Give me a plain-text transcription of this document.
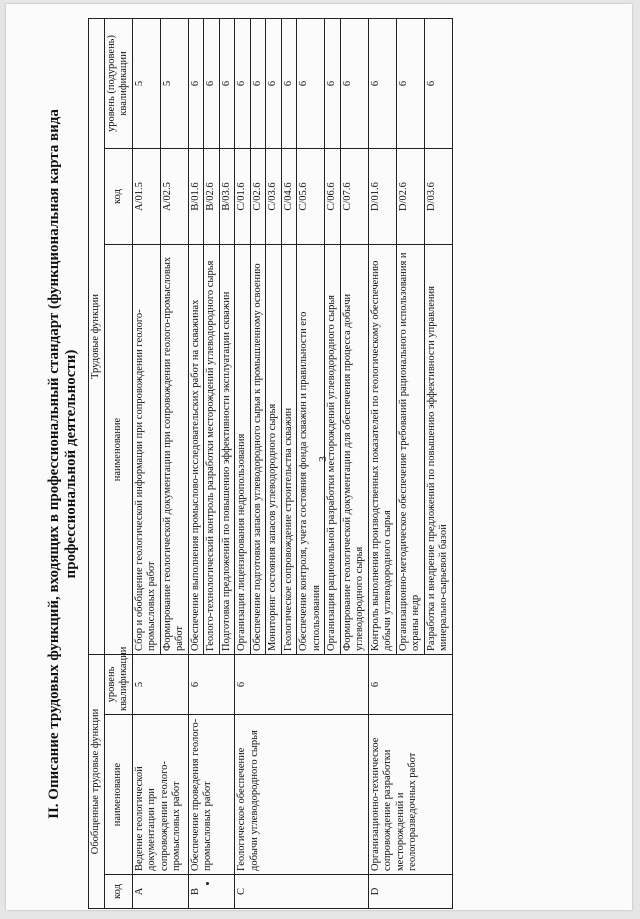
3
II. Описание трудовых функций, входящих в профессиональный стандарт (функциональная карта вида профессиональной деятельности)
Обобщенные трудовые функции			Трудовые функции		
код	наименование	уровень квалификации	наименование	код	уровень (подуровень) квалификации
A	Ведение геологической документации при сопровождении геолого-промысловых работ	5	Сбор и обобщение геологической информации при сопровождении геолого-промысловых работ	A/01.5	5
			Формирование геологической документации при сопровождении геолого-промысловых работ	A/02.5	5
B	Обеспечение проведения геолого-промысловых работ	6	Обеспечение выполнения промыслово-исследовательских работ на скважинах	B/01.6	6
			Геолого-технологический контроль разработки месторождений углеводородного сырья	B/02.6	6
			Подготовка предложений по повышению эффективности эксплуатации скважин	B/03.6	6
C	Геологическое обеспечение добычи углеводородного сырья	6	Организация лицензирования недропользования	C/01.6	6
			Обеспечение подготовки запасов углеводородного сырья к промышленному освоению	C/02.6	6
			Мониторинг состояния запасов углеводородного сырья	C/03.6	6
			Геологическое сопровождение строительства скважин	C/04.6	6
			Обеспечение контроля, учета состояния фонда скважин и правильности его использования	C/05.6	6
			Организация рациональной разработки месторождений углеводородного сырья	C/06.6	6
			Формирование геологической документации для обеспечения процесса добычи углеводородного сырья	C/07.6	6
D	Организационно-техническое сопровождение разработки месторождений и геологоразведочных работ	6	Контроль выполнения производственных показателей по геологическому обеспечению добычи углеводородного сырья	D/01.6	6
			Организационно-методическое обеспечение требований рационального использования и охраны недр	D/02.6	6
			Разработка и внедрение предложений по повышению эффективности управления минерально-сырьевой базой	D/03.6	6
